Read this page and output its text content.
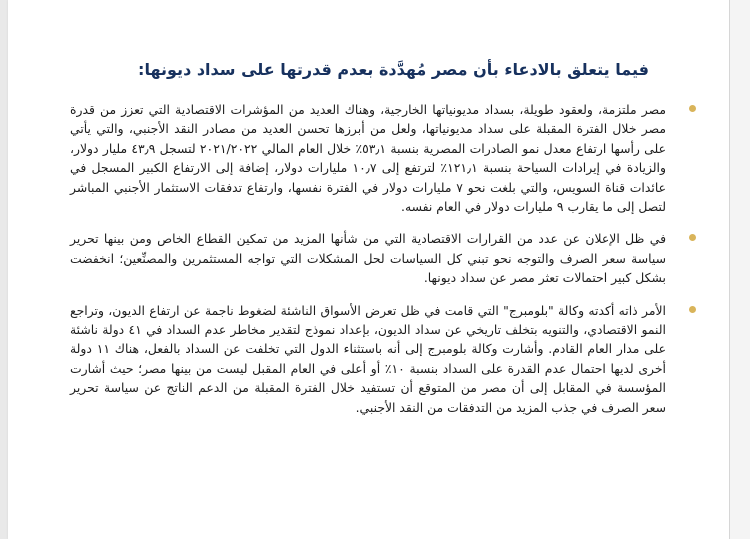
فيما يتعلق بالادعاء بأن مصر مُهدَّدة بعدم قدرتها على سداد ديونها:
مصر ملتزمة، ولعقود طويلة، بسداد مديونياتها الخارجية، وهناك العديد من المؤشرات الاقتصادية التي تعزز من قدرة مصر خلال الفترة المقبلة على سداد مديونياتها، ولعل من أبرزها تحسن العديد من مصادر النقد الأجنبي، والتي يأتي على رأسها ارتفاع معدل نمو الصادرات المصرية بنسبة ٥٣٫١٪ خلال العام المالي ٢٠٢١/٢٠٢٢ لتسجل ٤٣٫٩ مليار دولار، والزيادة في إيرادات السياحة بنسبة ١٢١٫١٪ لترتفع إلى ١٠٫٧ مليارات دولار، إضافة إلى الارتفاع الكبير المسجل في عائدات قناة السويس، والتي بلغت نحو ٧ مليارات دولار في الفترة نفسها، وارتفاع تدفقات الاستثمار الأجنبي المباشر لتصل إلى ما يقارب ٩ مليارات دولار في العام نفسه.
في ظل الإعلان عن عدد من القرارات الاقتصادية التي من شأنها المزيد من تمكين القطاع الخاص ومن بينها تحرير سياسة سعر الصرف والتوجه نحو تبني كل السياسات لحل المشكلات التي تواجه المستثمرين والمصنِّعين؛ انخفضت بشكل كبير احتمالات تعثر مصر عن سداد ديونها.
الأمر ذاته أكدته وكالة "بلومبرج" التي قامت في ظل تعرض الأسواق الناشئة لضغوط ناجمة عن ارتفاع الديون، وتراجع النمو الاقتصادي، والتنويه بتخلف تاريخي عن سداد الديون، بإعداد نموذج لتقدير مخاطر عدم السداد في ٤١ دولة ناشئة على مدار العام القادم. وأشارت وكالة بلومبرج إلى أنه باستثناء الدول التي تخلفت عن السداد بالفعل، هناك ١١ دولة أخرى لديها احتمال عدم القدرة على السداد بنسبة ١٠٪ أو أعلى في العام المقبل ليست من بينها مصر؛ حيث أشارت المؤسسة في المقابل إلى أن مصر من المتوقع أن تستفيد خلال الفترة المقبلة من الدعم الناتج عن سياسة تحرير سعر الصرف في جذب المزيد من التدفقات من النقد الأجنبي.
